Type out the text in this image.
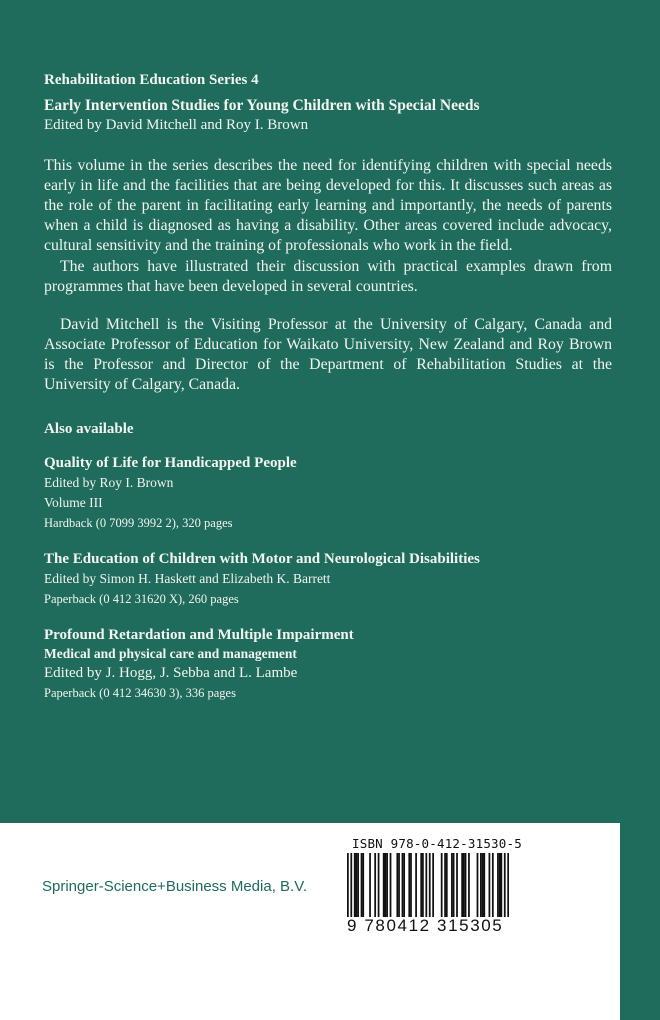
Rehabilitation Education Series 4

Early Intervention Studies for Young Children with Special Needs

Edited by David Mitchell and Roy I. Brown

This volume in the series describes the need for identifying children with special needs early in life and the facilities that are being developed for this. It discusses such areas as the role of the parent in facilitating early learning and importantly, the needs of parents when a child is diagnosed as having a disability. Other areas covered include advocacy, cultural sensitivity and the training of professionals who work in the field.

The authors have illustrated their discussion with practical examples drawn from programmes that have been developed in several countries.

David Mitchell is the Visiting Professor at the University of Calgary, Canada and Associate Professor of Education for Waikato University, New Zealand and Roy Brown is the Professor and Director of the Department of Rehabilitation Studies at the University of Calgary, Canada.

Also available

Quality of Life for Handicapped People

Edited by Roy I. Brown

Volume III

Hardback (0 7099 3992 2), 320 pages

The Education of Children with Motor and Neurological Disabilities

Edited by Simon H. Haskett and Elizabeth K. Barrett

Paperback (0 412 31620 X), 260 pages

Profound Retardation and Multiple Impairment

Medical and physical care and management

Edited by J. Hogg, J. Sebba and L. Lambe

Paperback (0 412 34630 3), 336 pages

Springer-Science+Business Media, B.V.
ISBN 978-0-412-31530-5
9 780412 315305
